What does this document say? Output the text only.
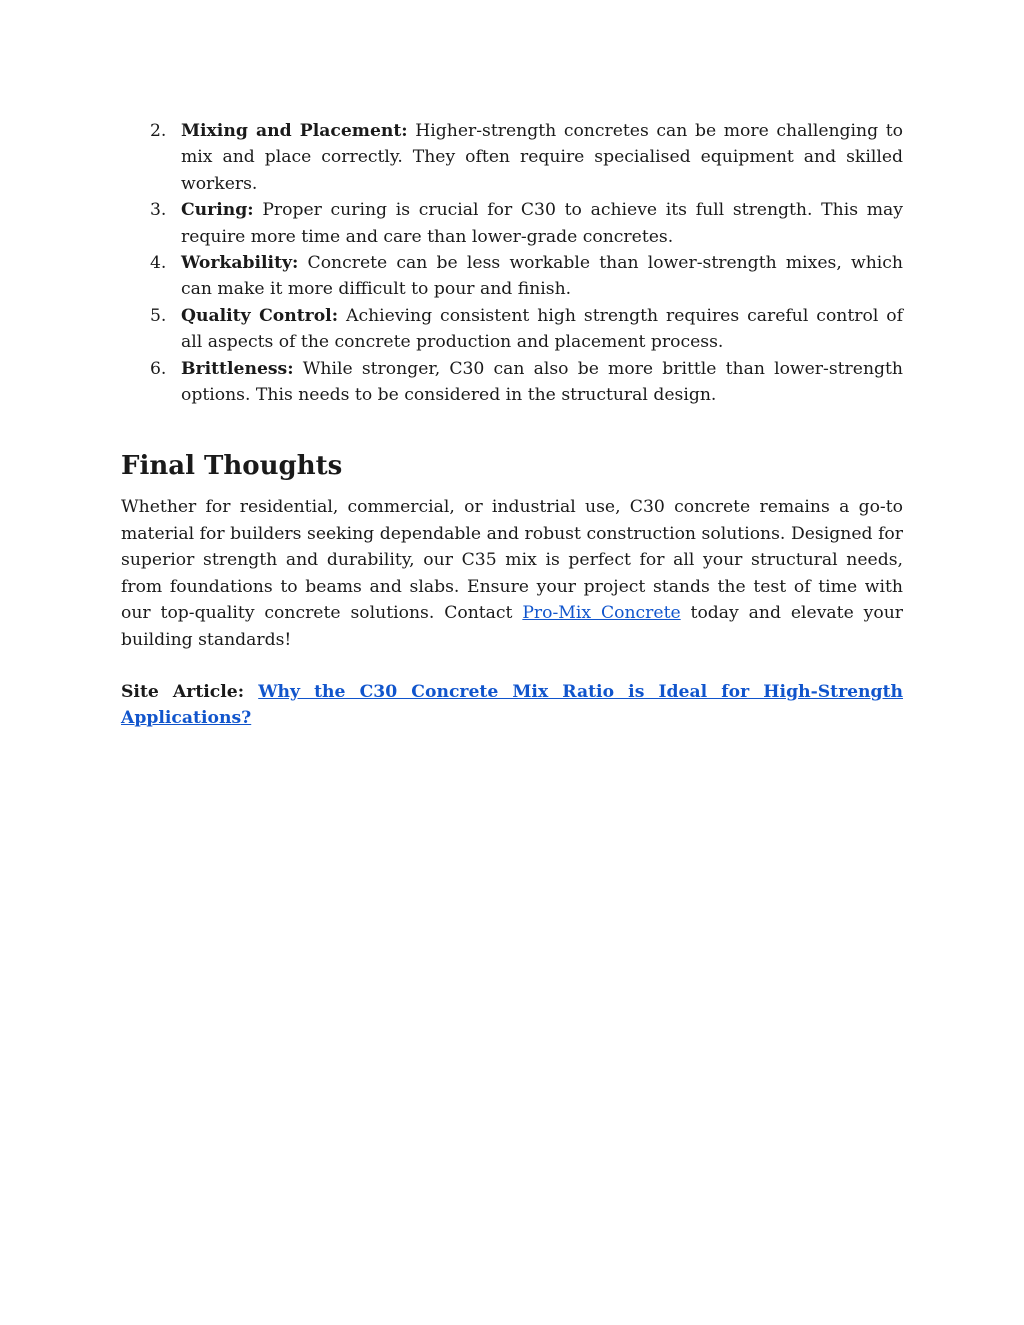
2. Mixing and Placement: Higher-strength concretes can be more challenging to mix and place correctly. They often require specialised equipment and skilled workers.
3. Curing: Proper curing is crucial for C30 to achieve its full strength. This may require more time and care than lower-grade concretes.
4. Workability: Concrete can be less workable than lower-strength mixes, which can make it more difficult to pour and finish.
5. Quality Control: Achieving consistent high strength requires careful control of all aspects of the concrete production and placement process.
6. Brittleness: While stronger, C30 can also be more brittle than lower-strength options. This needs to be considered in the structural design.
Final Thoughts

Whether for residential, commercial, or industrial use, C30 concrete remains a go-to material for builders seeking dependable and robust construction solutions. Designed for superior strength and durability, our C35 mix is perfect for all your structural needs, from foundations to beams and slabs. Ensure your project stands the test of time with our top-quality concrete solutions. Contact Pro-Mix Concrete today and elevate your building standards!

Site Article: Why the C30 Concrete Mix Ratio is Ideal for High-Strength Applications?
